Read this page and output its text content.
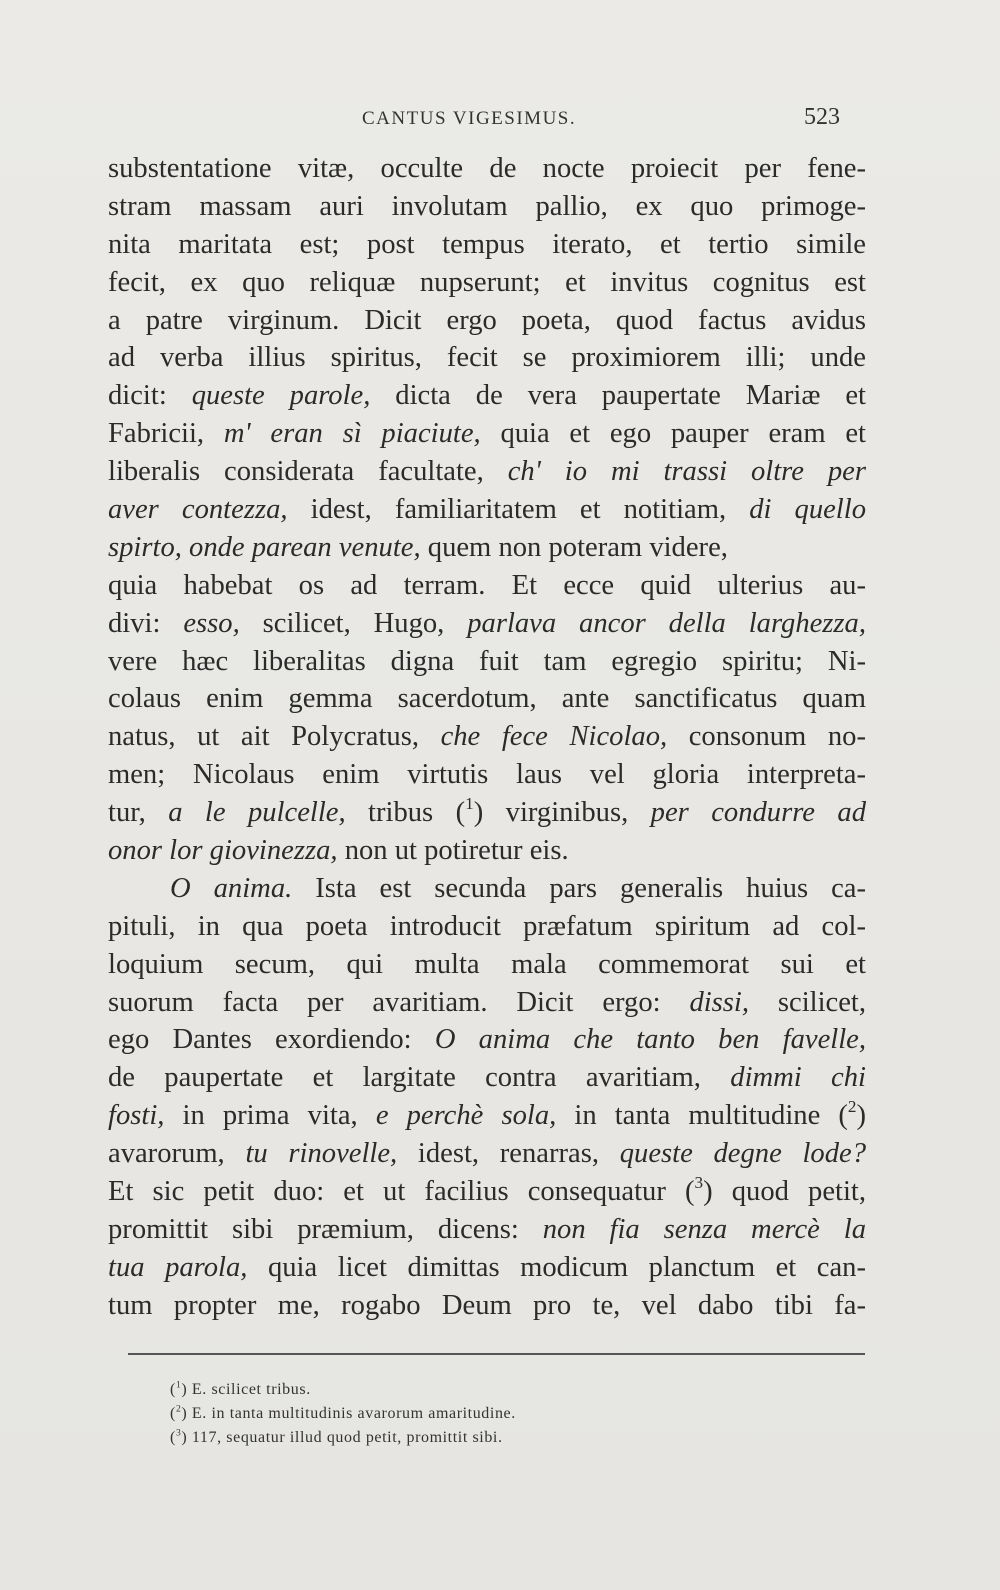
CANTUS VIGESIMUS.	523
substentatione vitæ, occulte de nocte proiecit per fene-
stram massam auri involutam pallio, ex quo primoge-
nita maritata est; post tempus iterato, et tertio simile
fecit, ex quo reliquæ nupserunt; et invitus cognitus est
a patre virginum. Dicit ergo poeta, quod factus avidus
ad verba illius spiritus, fecit se proximiorem illi; unde
dicit: queste parole, dicta de vera paupertate Mariæ et
Fabricii, m' eran sì piaciute, quia et ego pauper eram et
liberalis considerata facultate, ch' io mi trassi oltre per
aver contezza, idest, familiaritatem et notitiam, di quello
spirto, onde parean venute, quem non poteram videre,
quia habebat os ad terram. Et ecce quid ulterius au-
divi: esso, scilicet, Hugo, parlava ancor della larghezza,
vere hæc liberalitas digna fuit tam egregio spiritu; Ni-
colaus enim gemma sacerdotum, ante sanctificatus quam
natus, ut ait Polycratus, che fece Nicolao, consonum no-
men; Nicolaus enim virtutis laus vel gloria interpreta-
tur, a le pulcelle, tribus ($^1$) virginibus, per condurre ad
onor lor giovinezza, non ut potiretur eis.
O anima. Ista est secunda pars generalis huius ca-
pituli, in qua poeta introducit præfatum spiritum ad col-
loquium secum, qui multa mala commemorat sui et
suorum facta per avaritiam. Dicit ergo: dissi, scilicet,
ego Dantes exordiendo: O anima che tanto ben favelle,
de paupertate et largitate contra avaritiam, dimmi chi
fosti, in prima vita, e perchè sola, in tanta multitudine ($^2$)
avarorum, tu rinovelle, idest, renarras, queste degne lode?
Et sic petit duo: et ut facilius consequatur ($^3$) quod petit,
promittit sibi præmium, dicens: non fia senza mercè la
tua parola, quia licet dimittas modicum planctum et can-
tum propter me, rogabo Deum pro te, vel dabo tibi fa-
($^1$) E. scilicet tribus.
($^2$) E. in tanta multitudinis avarorum amaritudine.
($^3$) 117, sequatur illud quod petit, promittit sibi.
